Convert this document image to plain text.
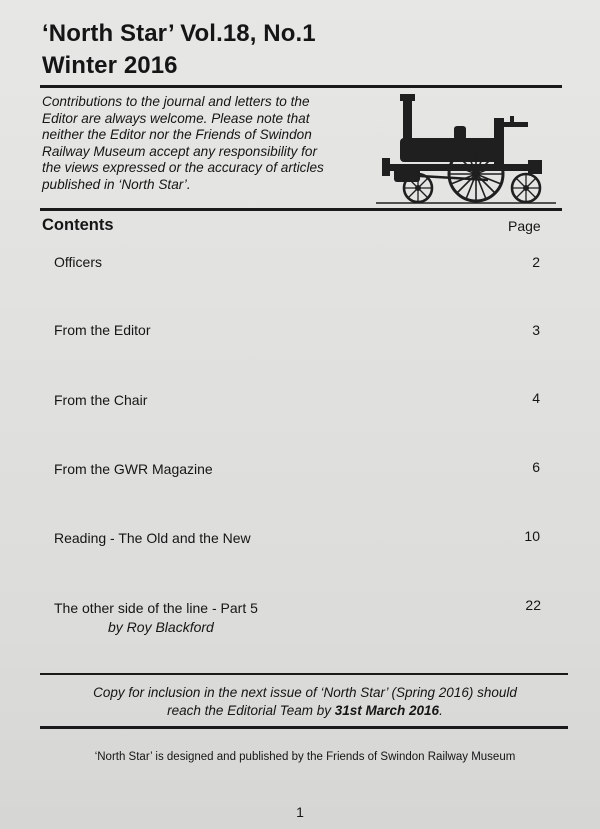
‘North Star’ Vol.18, No.1
Winter 2016
Contributions to the journal and letters to the
Editor are always welcome. Please note that
neither the Editor nor the Friends of Swindon
Railway Museum accept any responsibility for
the views expressed or the accuracy of articles
published in ‘North Star’.
Contents	Page
Officers	2
From the Editor	3
From the Chair	4
From the GWR Magazine	6
Reading - The Old and the New	10
The other side of the line - Part 5	22
by Roy Blackford
Copy for inclusion in the next issue of ‘North Star’ (Spring 2016) should
reach the Editorial Team by 31st March 2016.
‘North Star’ is designed and published by the Friends of Swindon Railway Museum
1
